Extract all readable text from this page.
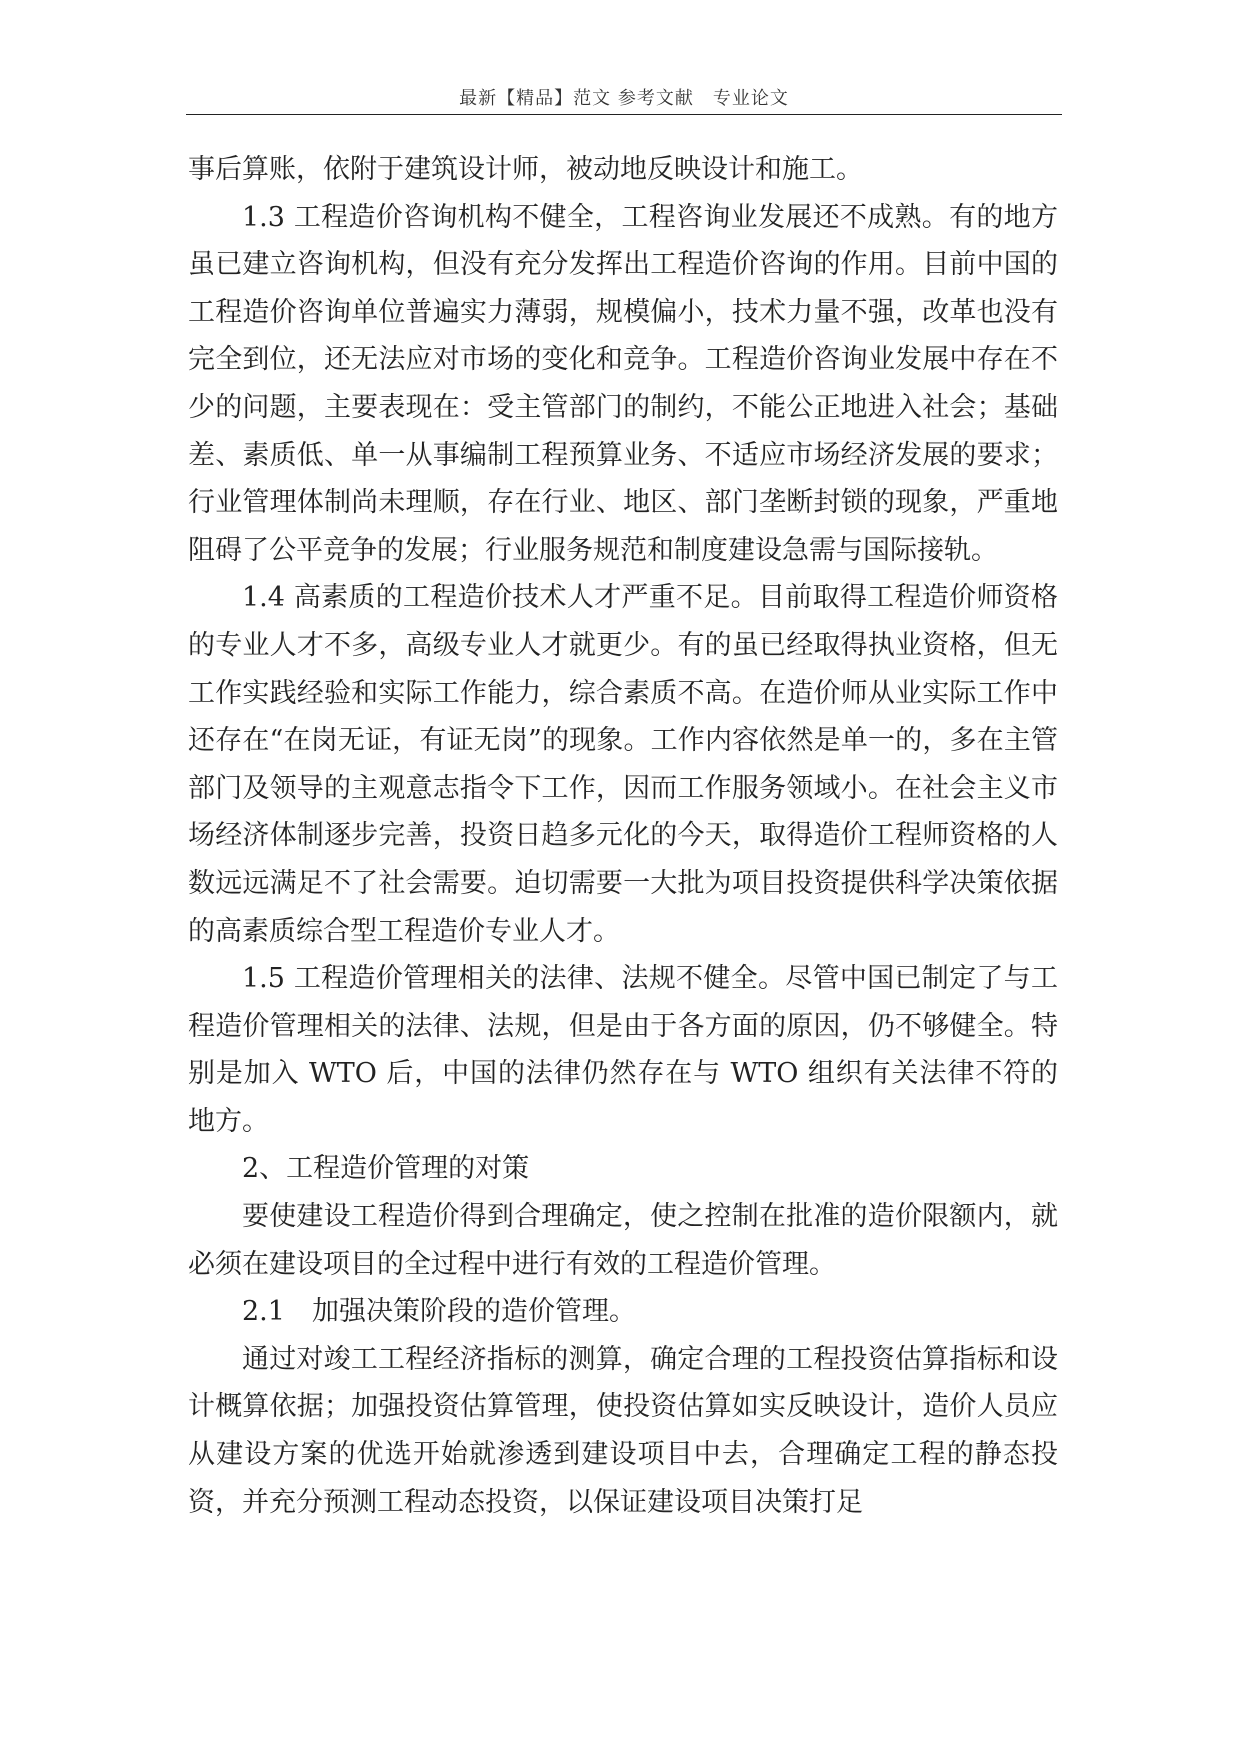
最新【精品】范文 参考文献　专业论文

事后算账，依附于建筑设计师，被动地反映设计和施工。

1.3 工程造价咨询机构不健全，工程咨询业发展还不成熟。有的地方虽已建立咨询机构，但没有充分发挥出工程造价咨询的作用。目前中国的工程造价咨询单位普遍实力薄弱，规模偏小，技术力量不强，改革也没有完全到位，还无法应对市场的变化和竞争。工程造价咨询业发展中存在不少的问题，主要表现在：受主管部门的制约，不能公正地进入社会；基础差、素质低、单一从事编制工程预算业务、不适应市场经济发展的要求；行业管理体制尚未理顺，存在行业、地区、部门垄断封锁的现象，严重地阻碍了公平竞争的发展；行业服务规范和制度建设急需与国际接轨。

1.4 高素质的工程造价技术人才严重不足。目前取得工程造价师资格的专业人才不多，高级专业人才就更少。有的虽已经取得执业资格，但无工作实践经验和实际工作能力，综合素质不高。在造价师从业实际工作中还存在“在岗无证，有证无岗”的现象。工作内容依然是单一的，多在主管部门及领导的主观意志指令下工作，因而工作服务领域小。在社会主义市场经济体制逐步完善，投资日趋多元化的今天，取得造价工程师资格的人数远远满足不了社会需要。迫切需要一大批为项目投资提供科学决策依据的高素质综合型工程造价专业人才。

1.5 工程造价管理相关的法律、法规不健全。尽管中国已制定了与工程造价管理相关的法律、法规，但是由于各方面的原因，仍不够健全。特别是加入 WTO 后，中国的法律仍然存在与 WTO 组织有关法律不符的地方。

2、工程造价管理的对策

要使建设工程造价得到合理确定，使之控制在批准的造价限额内，就必须在建设项目的全过程中进行有效的工程造价管理。

2.1　加强决策阶段的造价管理。

通过对竣工工程经济指标的测算，确定合理的工程投资估算指标和设计概算依据；加强投资估算管理，使投资估算如实反映设计，造价人员应从建设方案的优选开始就渗透到建设项目中去，合理确定工程的静态投资，并充分预测工程动态投资，以保证建设项目决策打足
